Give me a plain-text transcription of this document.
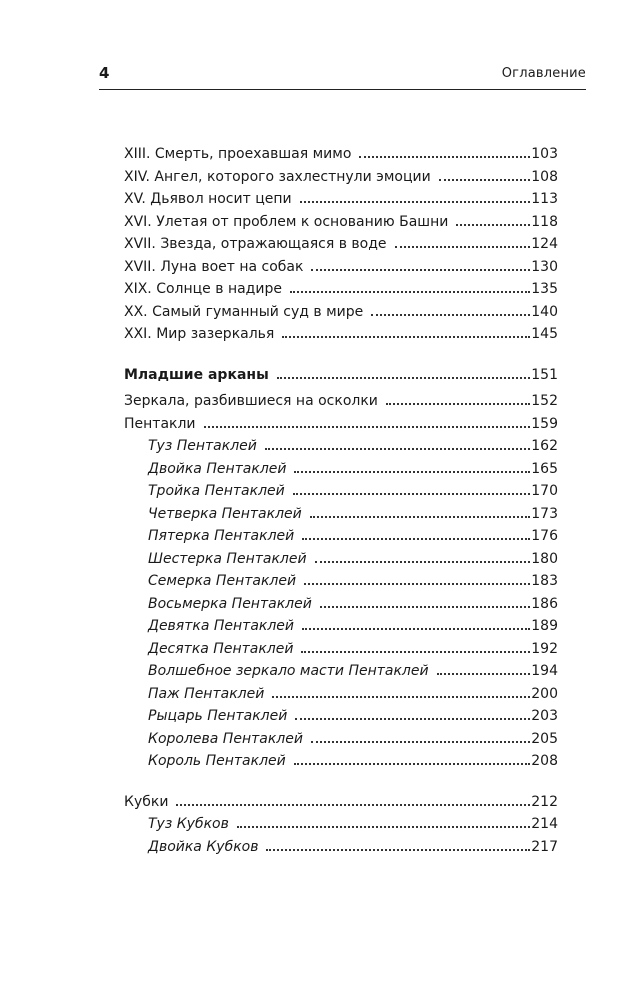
4	Оглавление
XIII. Смерть, проехавшая мимо	103
XIV. Ангел, которого захлестнули эмоции	108
XV. Дьявол носит цепи	113
XVI. Улетая от проблем к основанию Башни	118
XVII. Звезда, отражающаяся в воде	124
XVII. Луна воет на собак	130
XIX. Солнце в надире	135
XX. Самый гуманный суд в мире	140
XXI. Мир зазеркалья	145
Младшие арканы	151
Зеркала, разбившиеся на осколки	152
Пентакли	159
Туз Пентаклей	162
Двойка Пентаклей	165
Тройка Пентаклей	170
Четверка Пентаклей	173
Пятерка Пентаклей	176
Шестерка Пентаклей	180
Семерка Пентаклей	183
Восьмерка Пентаклей	186
Девятка Пентаклей	189
Десятка Пентаклей	192
Волшебное зеркало масти Пентаклей	194
Паж Пентаклей	200
Рыцарь Пентаклей	203
Королева Пентаклей	205
Король Пентаклей	208
Кубки	212
Туз Кубков	214
Двойка Кубков	217
